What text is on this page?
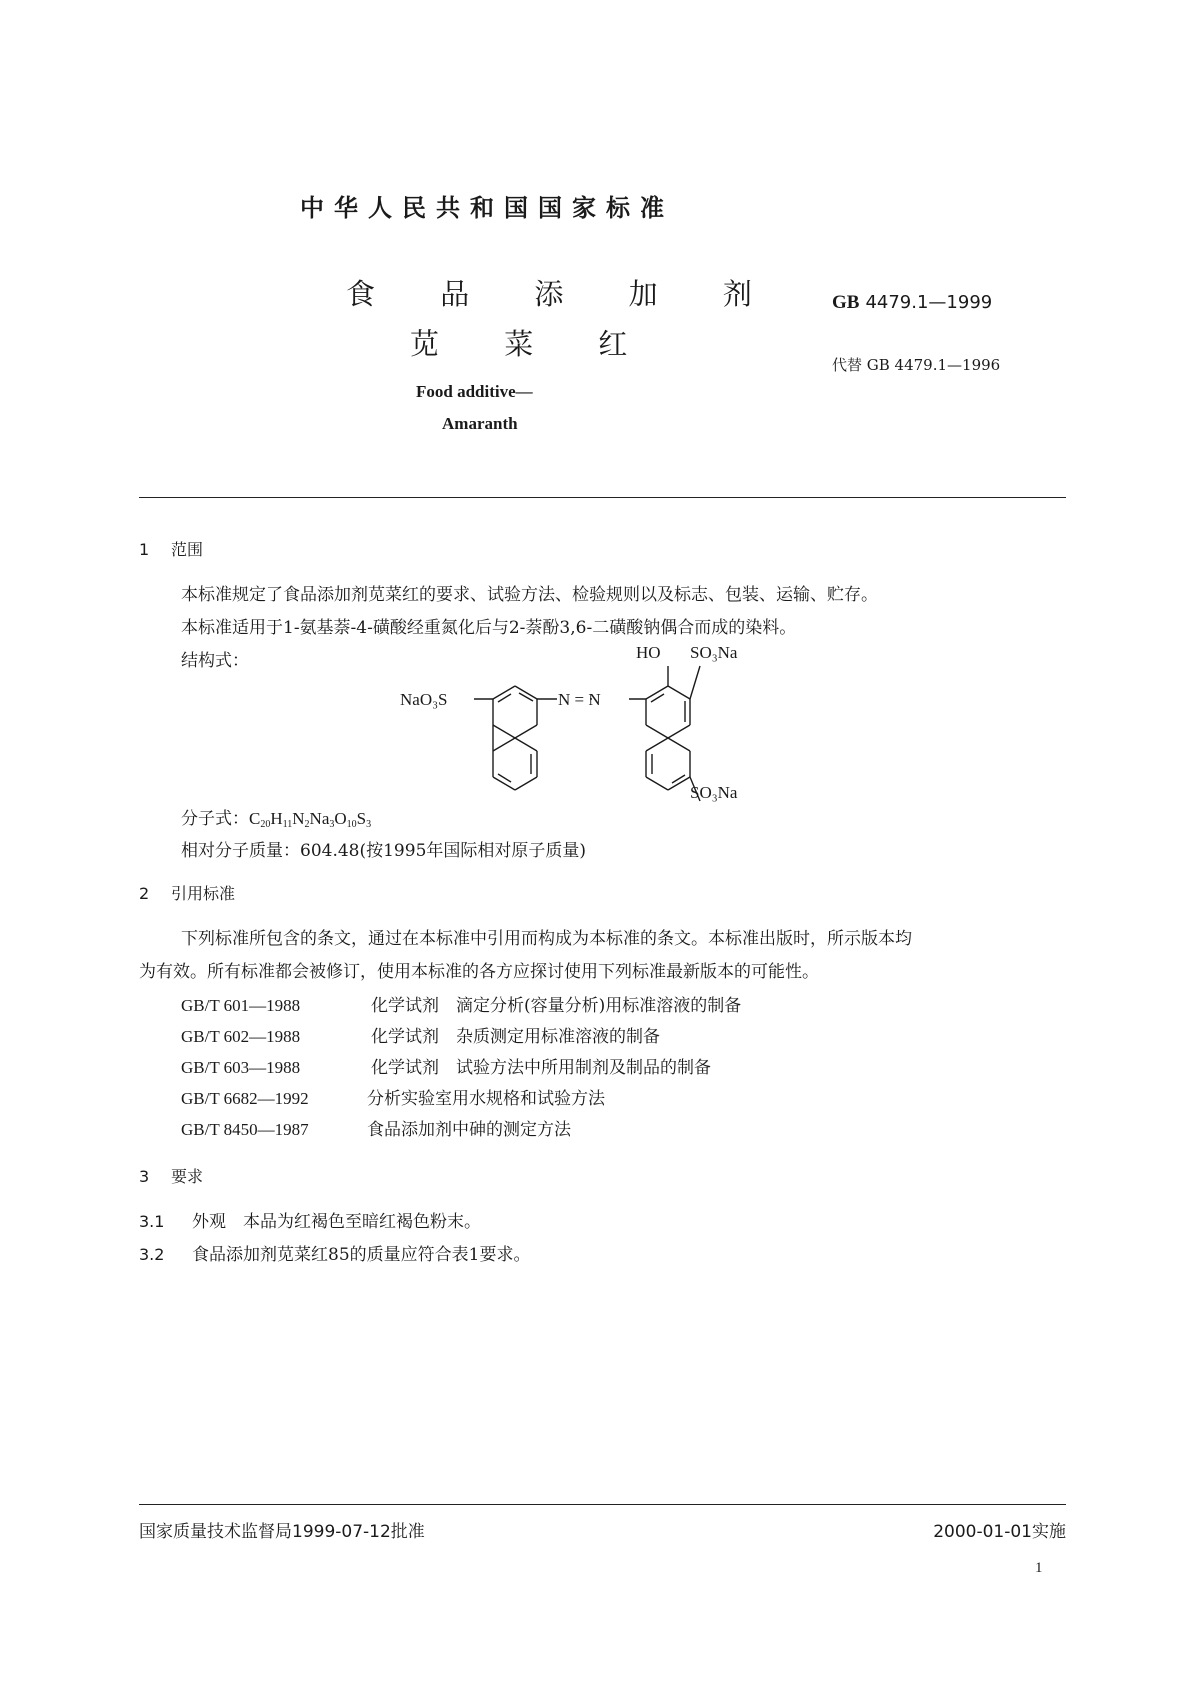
中华人民共和国国家标准
食 品 添 加 剂
苋 菜 红
Food additive—
Amaranth
GB 4479.1—1999
代替 GB 4479.1—1996
1 范围
本标准规定了食品添加剂苋菜红的要求、试验方法、检验规则以及标志、包装、运输、贮存。
本标准适用于1-氨基萘-4-磺酸经重氮化后与2-萘酚3,6-二磺酸钠偶合而成的染料。
结构式：
NaO₃S	N = N
HO SO₃Na
SO₃Na
分子式：$C_{20}H_{11}N_2Na_3O_{10}S_3$
相对分子质量：604.48(按1995年国际相对原子质量)
2 引用标准
下列标准所包含的条文，通过在本标准中引用而构成为本标准的条文。本标准出版时，所示版本均
为有效。所有标准都会被修订，使用本标准的各方应探讨使用下列标准最新版本的可能性。
GB/T 601—1988	化学试剂　滴定分析(容量分析)用标准溶液的制备
GB/T 602—1988	化学试剂　杂质测定用标准溶液的制备
GB/T 603—1988	化学试剂　试验方法中所用制剂及制品的制备
GB/T 6682—1992	分析实验室用水规格和试验方法
GB/T 8450—1987	食品添加剂中砷的测定方法
3 要求
3.1 外观　本品为红褐色至暗红褐色粉末。
3.2 食品添加剂苋菜红85的质量应符合表1要求。
国家质量技术监督局1999-07-12批准	2000-01-01实施
1
